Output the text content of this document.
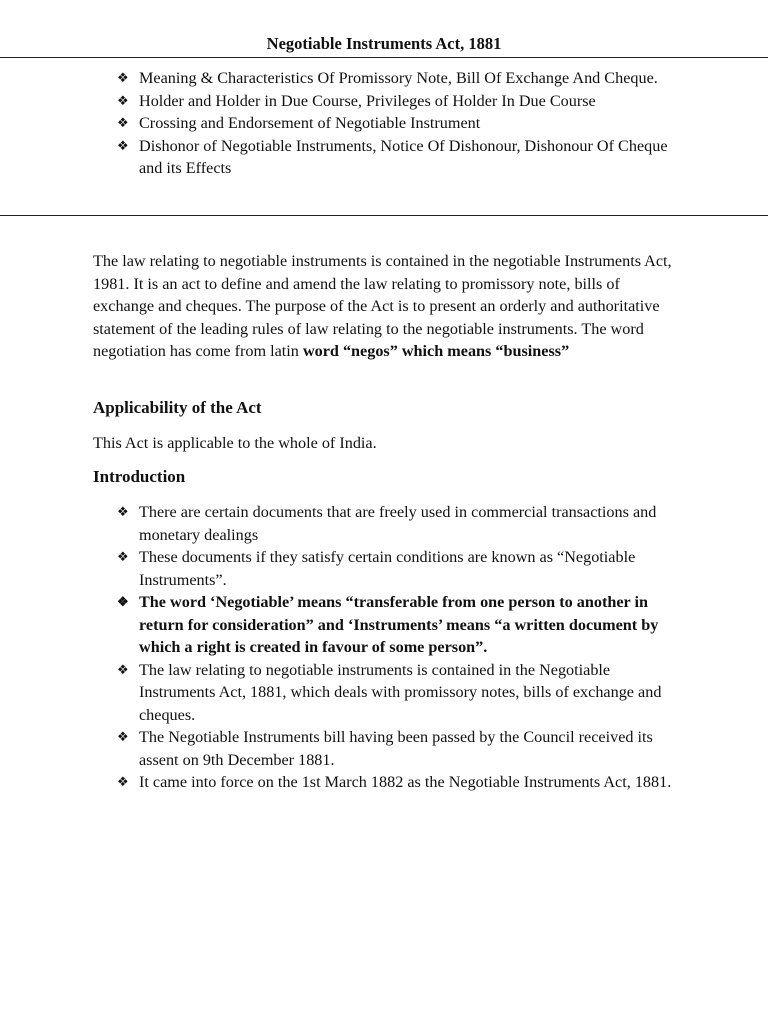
Negotiable Instruments Act, 1881
❖ Meaning & Characteristics Of Promissory Note, Bill Of Exchange And Cheque.
❖ Holder and Holder in Due Course, Privileges of Holder In Due Course
❖ Crossing and Endorsement of Negotiable Instrument
❖ Dishonor of Negotiable Instruments, Notice Of Dishonour, Dishonour Of Cheque and its Effects

The law relating to negotiable instruments is contained in the negotiable Instruments Act, 1981. It is an act to define and amend the law relating to promissory note, bills of exchange and cheques. The purpose of the Act is to present an orderly and authoritative statement of the leading rules of law relating to the negotiable instruments. The word negotiation has come from latin word “negos” which means “business”

Applicability of the Act

This Act is applicable to the whole of India.

Introduction
❖ There are certain documents that are freely used in commercial transactions and monetary dealings
❖ These documents if they satisfy certain conditions are known as “Negotiable Instruments”.
❖ The word ‘Negotiable’ means “transferable from one person to another in return for consideration” and ‘Instruments’ means “a written document by which a right is created in favour of some person”.
❖ The law relating to negotiable instruments is contained in the Negotiable Instruments Act, 1881, which deals with promissory notes, bills of exchange and cheques.
❖ The Negotiable Instruments bill having been passed by the Council received its assent on 9th December 1881.
❖ It came into force on the 1st March 1882 as the Negotiable Instruments Act, 1881.
